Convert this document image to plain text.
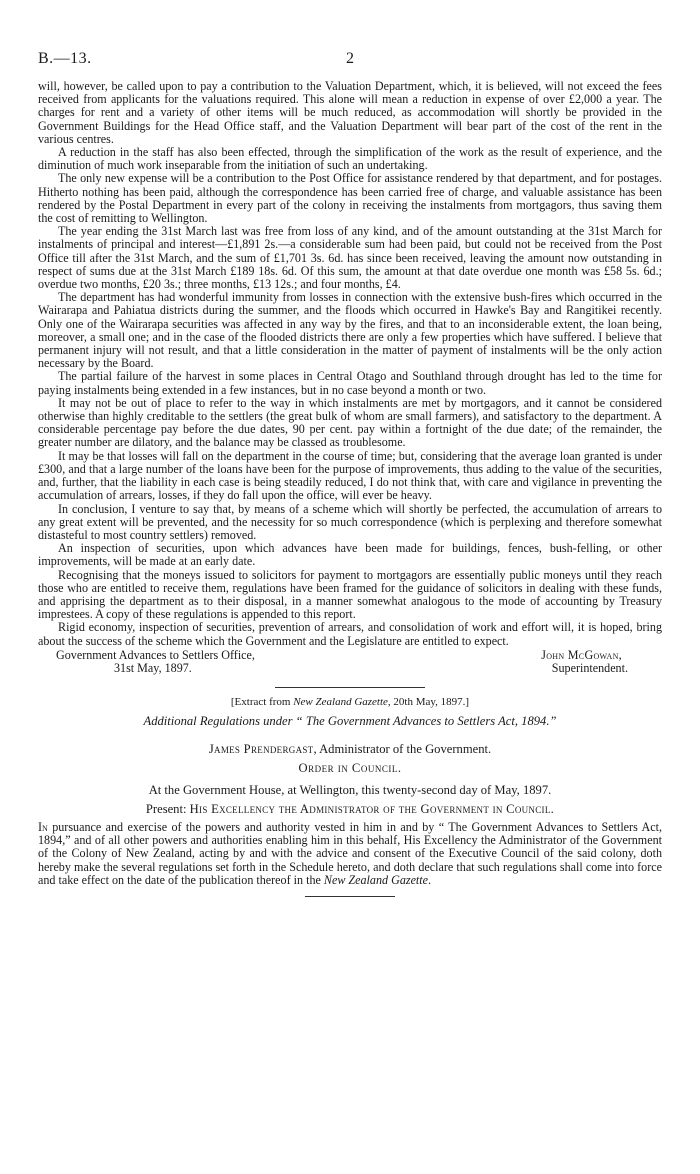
B.—13.	2

will, however, be called upon to pay a contribution to the Valuation Department, which, it is believed, will not exceed the fees received from applicants for the valuations required. This alone will mean a reduction in expense of over £2,000 a year. The charges for rent and a variety of other items will be much reduced, as accommodation will shortly be provided in the Government Buildings for the Head Office staff, and the Valuation Department will bear part of the cost of the rent in the various centres.

A reduction in the staff has also been effected, through the simplification of the work as the result of experience, and the diminution of much work inseparable from the initiation of such an undertaking.

The only new expense will be a contribution to the Post Office for assistance rendered by that department, and for postages. Hitherto nothing has been paid, although the correspondence has been carried free of charge, and valuable assistance has been rendered by the Postal Department in every part of the colony in receiving the instalments from mortgagors, thus saving them the cost of remitting to Wellington.

The year ending the 31st March last was free from loss of any kind, and of the amount outstanding at the 31st March for instalments of principal and interest—£1,891 2s.—a considerable sum had been paid, but could not be received from the Post Office till after the 31st March, and the sum of £1,701 3s. 6d. has since been received, leaving the amount now outstanding in respect of sums due at the 31st March £189 18s. 6d. Of this sum, the amount at that date overdue one month was £58 5s. 6d.; overdue two months, £20 3s.; three months, £13 12s.; and four months, £4.

The department has had wonderful immunity from losses in connection with the extensive bush-fires which occurred in the Wairarapa and Pahiatua districts during the summer, and the floods which occurred in Hawke's Bay and Rangitikei recently. Only one of the Wairarapa securities was affected in any way by the fires, and that to an inconsiderable extent, the loan being, moreover, a small one; and in the case of the flooded districts there are only a few properties which have suffered. I believe that permanent injury will not result, and that a little consideration in the matter of payment of instalments will be the only action necessary by the Board.

The partial failure of the harvest in some places in Central Otago and Southland through drought has led to the time for paying instalments being extended in a few instances, but in no case beyond a month or two.

It may not be out of place to refer to the way in which instalments are met by mortgagors, and it cannot be considered otherwise than highly creditable to the settlers (the great bulk of whom are small farmers), and satisfactory to the department. A considerable percentage pay before the due dates, 90 per cent. pay within a fortnight of the due date; of the remainder, the greater number are dilatory, and the balance may be classed as troublesome.

It may be that losses will fall on the department in the course of time; but, considering that the average loan granted is under £300, and that a large number of the loans have been for the purpose of improvements, thus adding to the value of the securities, and, further, that the liability in each case is being steadily reduced, I do not think that, with care and vigilance in preventing the accumulation of arrears, losses, if they do fall upon the office, will ever be heavy.

In conclusion, I venture to say that, by means of a scheme which will shortly be perfected, the accumulation of arrears to any great extent will be prevented, and the necessity for so much correspondence (which is perplexing and therefore somewhat distasteful to most country settlers) removed.

An inspection of securities, upon which advances have been made for buildings, fences, bush-felling, or other improvements, will be made at an early date.

Recognising that the moneys issued to solicitors for payment to mortgagors are essentially public moneys until they reach those who are entitled to receive them, regulations have been framed for the guidance of solicitors in dealing with these funds, and apprising the department as to their disposal, in a manner somewhat analogous to the mode of accounting by Treasury imprestees. A copy of these regulations is appended to this report.

Rigid economy, inspection of securities, prevention of arrears, and consolidation of work and effort will, it is hoped, bring about the success of the scheme which the Government and the Legislature are entitled to expect.

Government Advances to Settlers Office,
31st May, 1897.
John McGowan,
Superintendent.
[Extract from New Zealand Gazette, 20th May, 1897.]
Additional Regulations under “ The Government Advances to Settlers Act, 1894.”
James Prendergast, Administrator of the Government.
Order in Council.
At the Government House, at Wellington, this twenty-second day of May, 1897.
Present: His Excellency the Administrator of the Government in Council.
In pursuance and exercise of the powers and authority vested in him in and by “ The Government Advances to Settlers Act, 1894,” and of all other powers and authorities enabling him in this behalf, His Excellency the Administrator of the Government of the Colony of New Zealand, acting by and with the advice and consent of the Executive Council of the said colony, doth hereby make the several regulations set forth in the Schedule hereto, and doth declare that such regulations shall come into force and take effect on the date of the publication thereof in the New Zealand Gazette.
